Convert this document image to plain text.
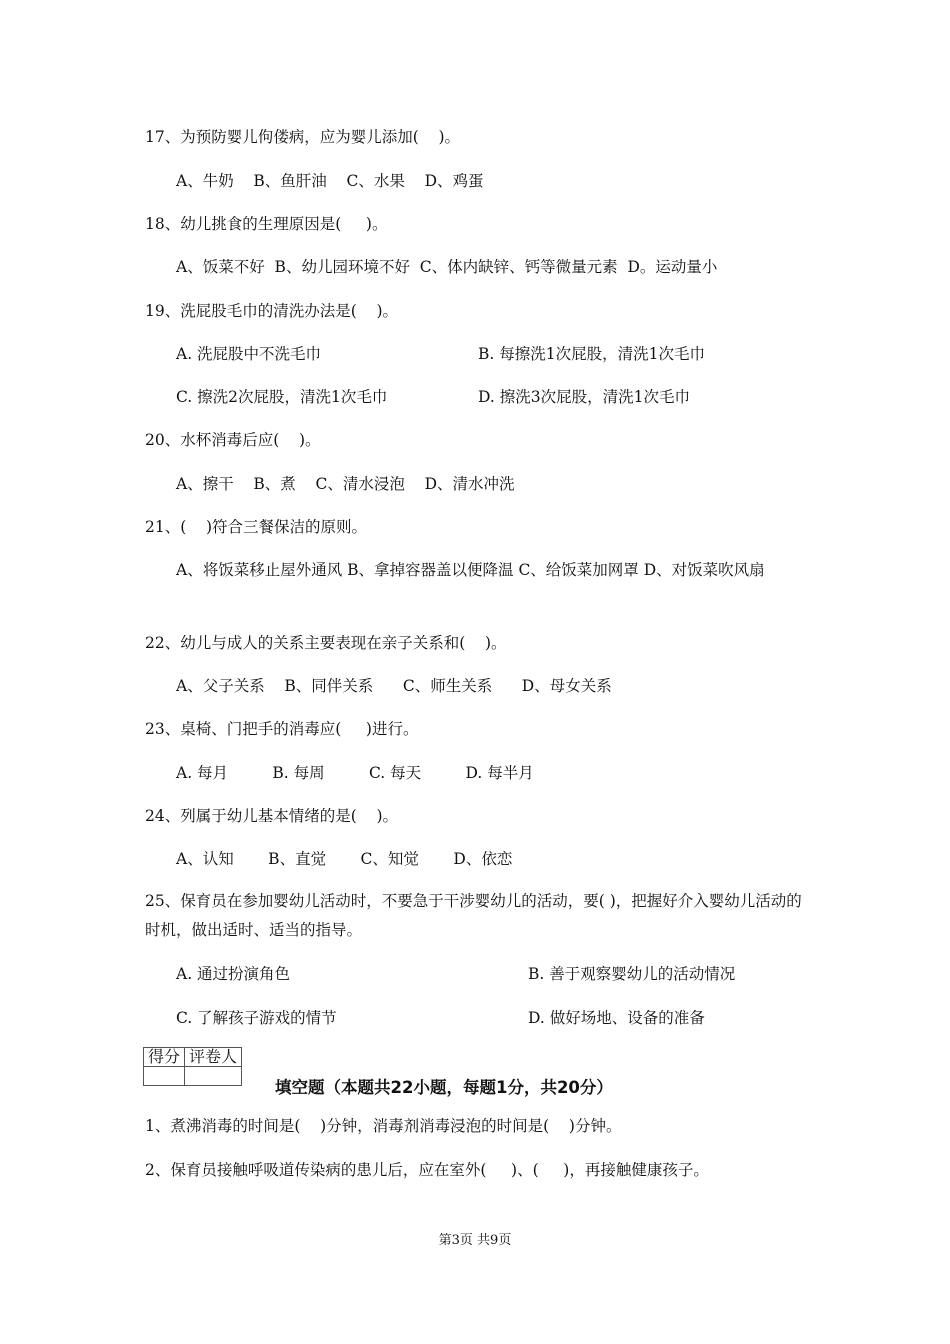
17、为预防婴儿佝偻病，应为婴儿添加(    )。
A、牛奶    B、鱼肝油    C、水果    D、鸡蛋
18、幼儿挑食的生理原因是(     )。
A、饭菜不好  B、幼儿园环境不好  C、体内缺锌、钙等微量元素  D。运动量小
19、洗屁股毛巾的清洗办法是(    )。
A. 洗屁股中不洗毛巾	B. 每擦洗1次屁股，清洗1次毛巾
C. 擦洗2次屁股，清洗1次毛巾	D. 擦洗3次屁股，清洗1次毛巾
20、水杯消毒后应(    )。
A、擦干    B、煮    C、清水浸泡    D、清水冲洗
21、(    )符合三餐保洁的原则。
A、将饭菜移止屋外通风 B、拿掉容器盖以便降温 C、给饭菜加网罩 D、对饭菜吹风扇
22、幼儿与成人的关系主要表现在亲子关系和(    )。
A、父子关系    B、同伴关系      C、师生关系      D、母女关系
23、桌椅、门把手的消毒应(     )进行。
A. 每月         B. 每周         C. 每天         D. 每半月
24、列属于幼儿基本情绪的是(    )。
A、认知       B、直觉       C、知觉       D、依恋
25、保育员在参加婴幼儿活动时，不要急于干涉婴幼儿的活动，要( )，把握好介入婴幼儿活动的时机，做出适时、适当的指导。
A. 通过扮演角色	B. 善于观察婴幼儿的活动情况
C. 了解孩子游戏的情节	D. 做好场地、设备的准备
得分	评卷人

填空题（本题共22小题，每题1分，共20分）
1、煮沸消毒的时间是(    )分钟，消毒剂消毒浸泡的时间是(    )分钟。
2、保育员接触呼吸道传染病的患儿后，应在室外(     )、(     )，再接触健康孩子。
第3页 共9页
